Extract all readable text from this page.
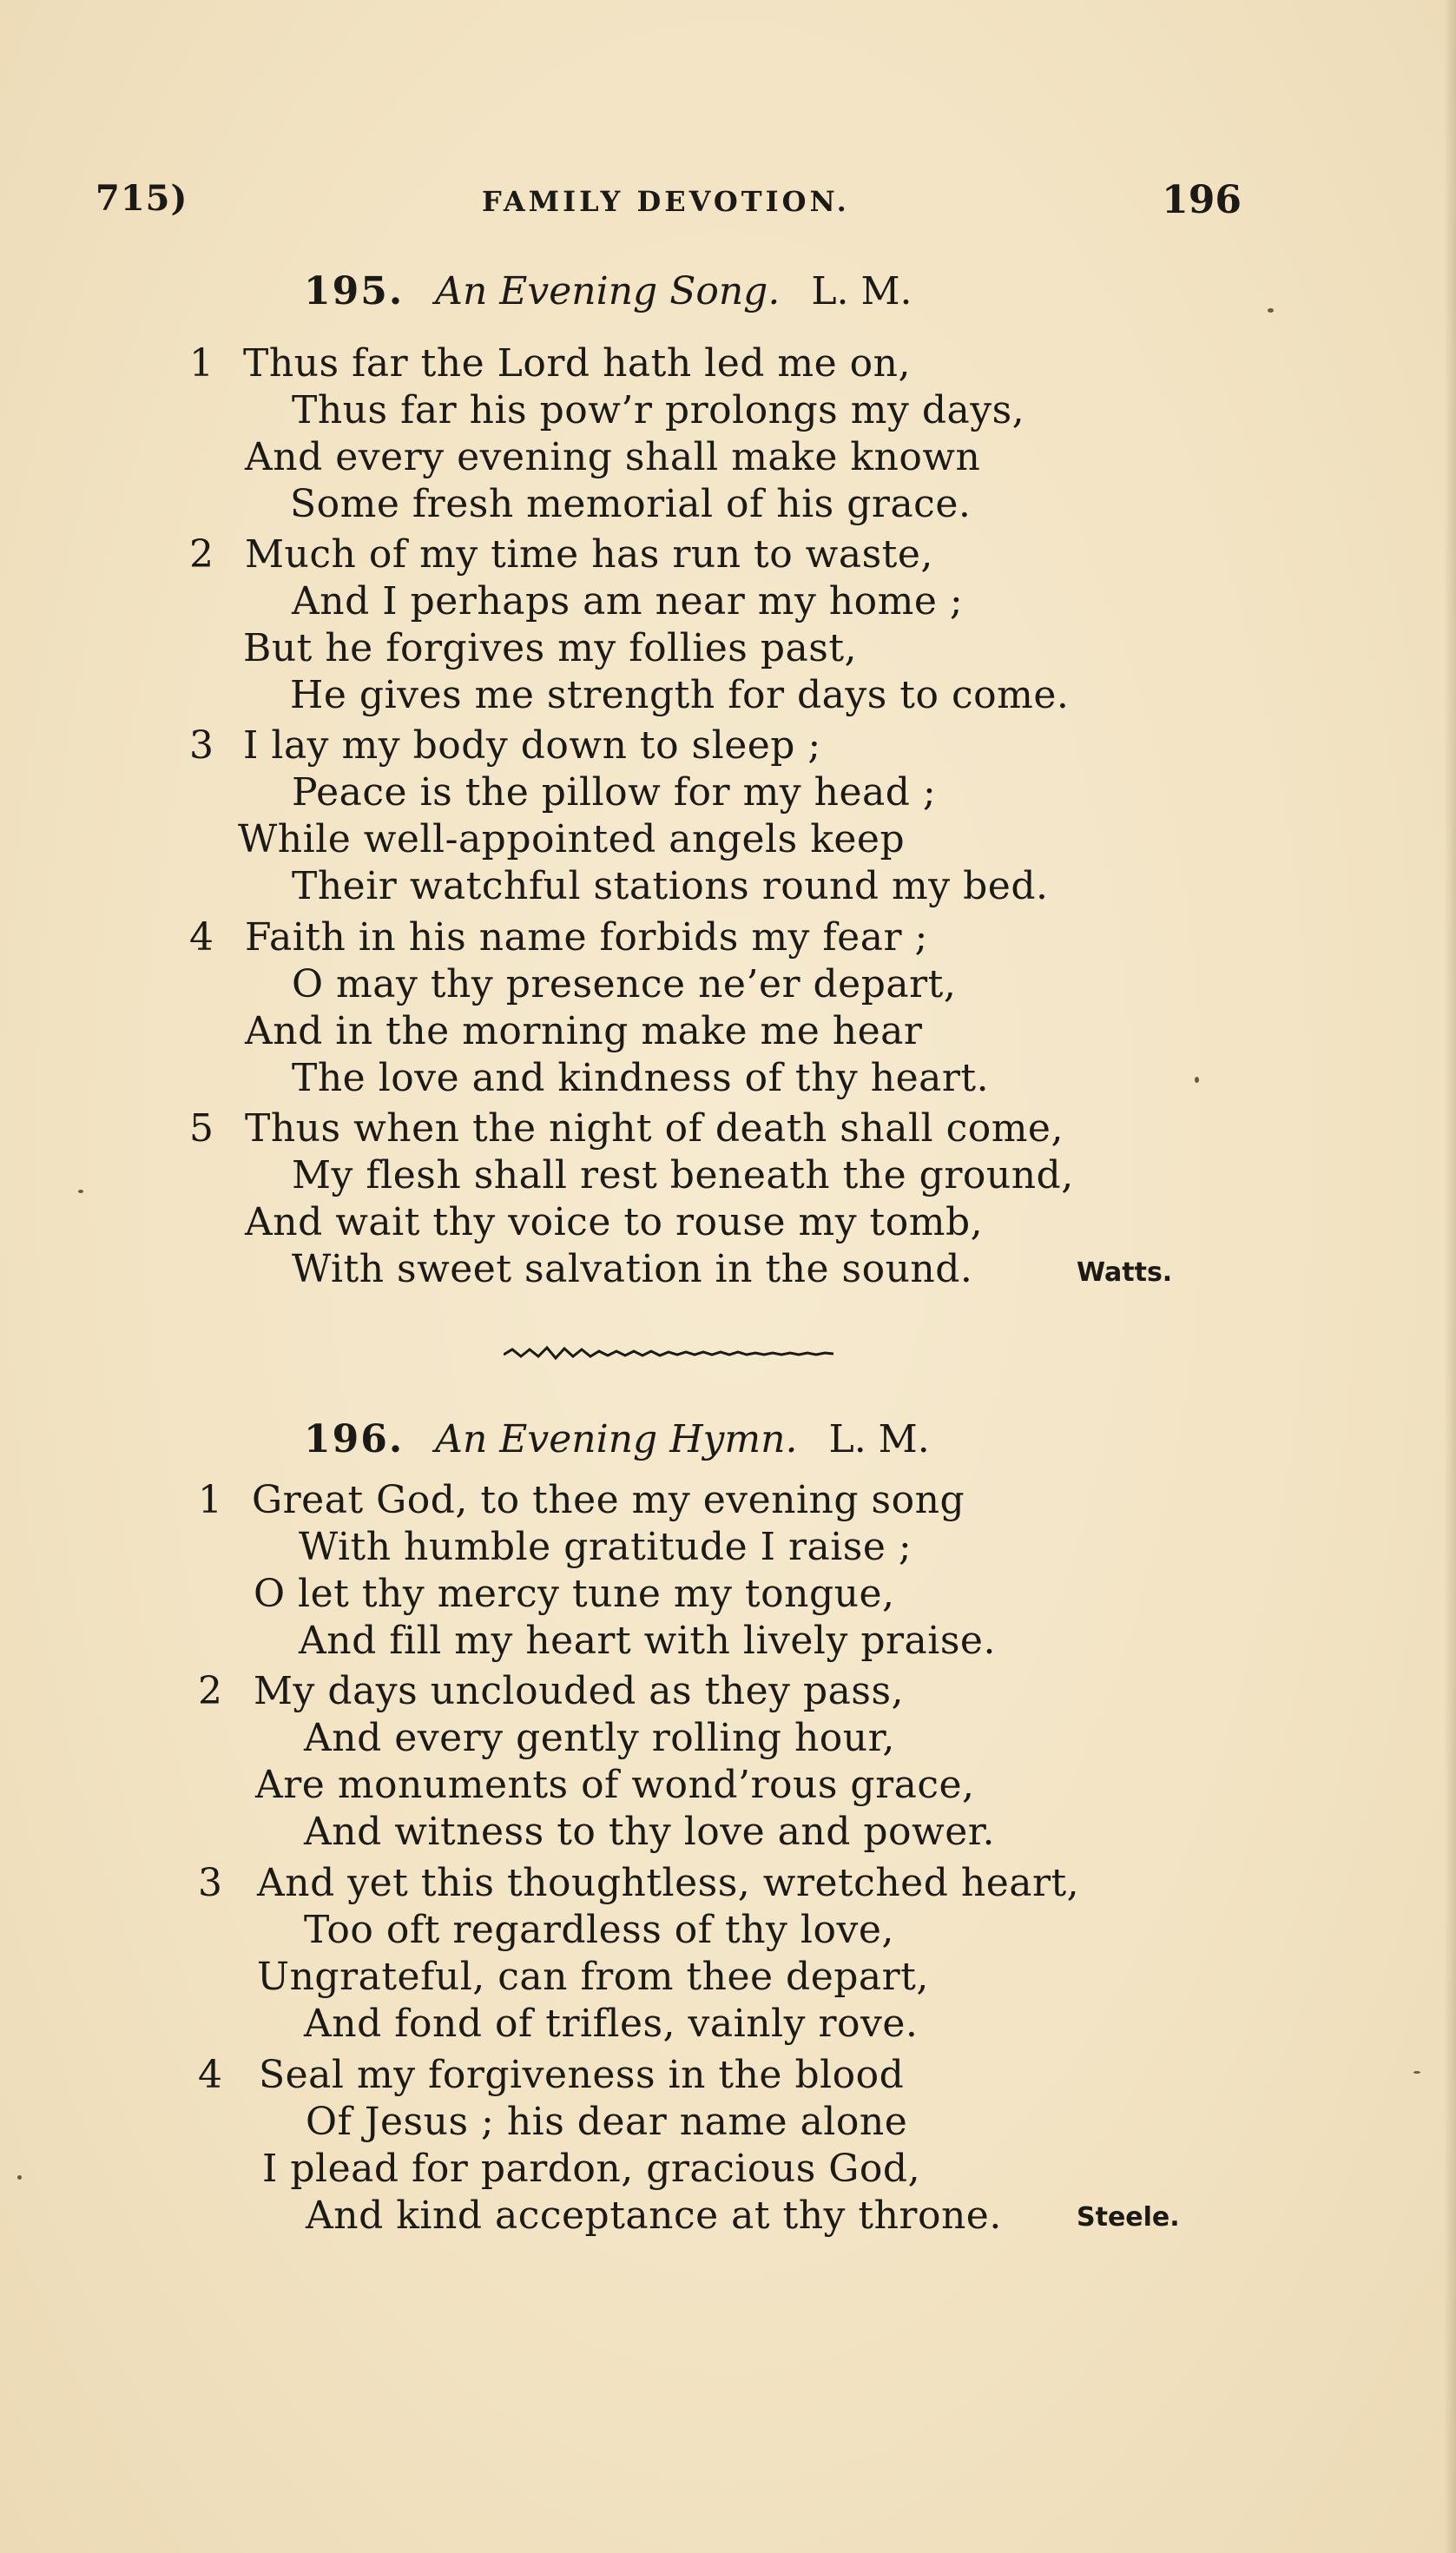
715)	FAMILY DEVOTION.	196
195. An Evening Song. L. M.
1 Thus far the Lord hath led me on,
Thus far his pow’r prolongs my days,
And every evening shall make known
Some fresh memorial of his grace.
2 Much of my time has run to waste,
And I perhaps am near my home ;
But he forgives my follies past,
He gives me strength for days to come.
3 I lay my body down to sleep ;
Peace is the pillow for my head ;
While well-appointed angels keep
Their watchful stations round my bed.
4 Faith in his name forbids my fear ;
O may thy presence ne’er depart,
And in the morning make me hear
The love and kindness of thy heart.
5 Thus when the night of death shall come,
My flesh shall rest beneath the ground,
And wait thy voice to rouse my tomb,
With sweet salvation in the sound.	Watts.
196. An Evening Hymn. L. M.
1 Great God, to thee my evening song
With humble gratitude I raise ;
O let thy mercy tune my tongue,
And fill my heart with lively praise.
2 My days unclouded as they pass,
And every gently rolling hour,
Are monuments of wond’rous grace,
And witness to thy love and power.
3 And yet this thoughtless, wretched heart,
Too oft regardless of thy love,
Ungrateful, can from thee depart,
And fond of trifles, vainly rove.
4 Seal my forgiveness in the blood
Of Jesus ; his dear name alone
I plead for pardon, gracious God,
And kind acceptance at thy throne.	Steele.
